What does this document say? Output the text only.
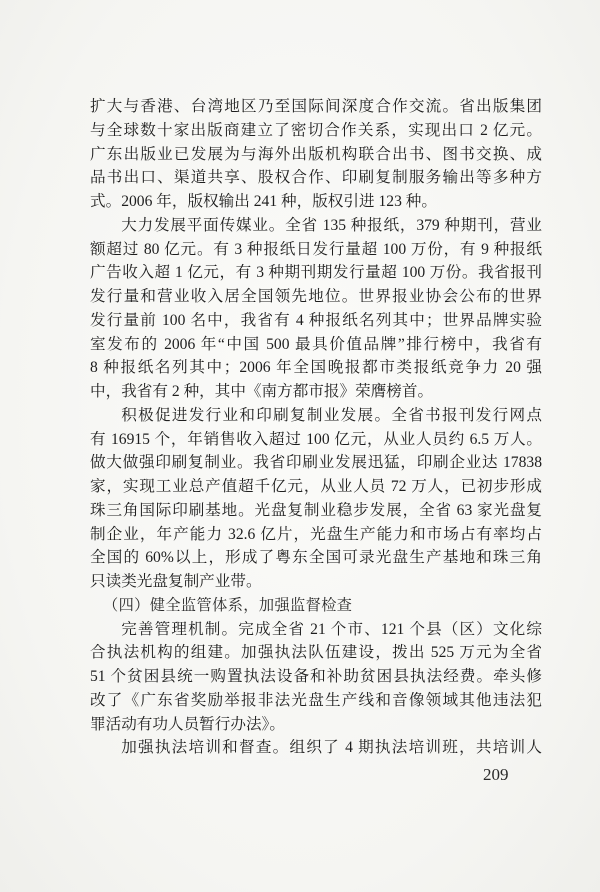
扩大与香港、台湾地区乃至国际间深度合作交流。省出版集团
与全球数十家出版商建立了密切合作关系，实现出口 2 亿元。
广东出版业已发展为与海外出版机构联合出书、图书交换、成
品书出口、渠道共享、股权合作、印刷复制服务输出等多种方
式。2006 年，版权输出 241 种，版权引进 123 种。
大力发展平面传媒业。全省 135 种报纸，379 种期刊，营业
额超过 80 亿元。有 3 种报纸日发行量超 100 万份，有 9 种报纸
广告收入超 1 亿元，有 3 种期刊期发行量超 100 万份。我省报刊
发行量和营业收入居全国领先地位。世界报业协会公布的世界
发行量前 100 名中，我省有 4 种报纸名列其中；世界品牌实验
室发布的 2006 年“中国 500 最具价值品牌”排行榜中，我省有
8 种报纸名列其中；2006 年全国晚报都市类报纸竞争力 20 强
中，我省有 2 种，其中《南方都市报》荣膺榜首。
积极促进发行业和印刷复制业发展。全省书报刊发行网点
有 16915 个，年销售收入超过 100 亿元，从业人员约 6.5 万人。
做大做强印刷复制业。我省印刷业发展迅猛，印刷企业达 17838
家，实现工业总产值超千亿元，从业人员 72 万人，已初步形成
珠三角国际印刷基地。光盘复制业稳步发展，全省 63 家光盘复
制企业，年产能力 32.6 亿片，光盘生产能力和市场占有率均占
全国的 60%以上，形成了粤东全国可录光盘生产基地和珠三角
只读类光盘复制产业带。
（四）健全监管体系，加强监督检查
完善管理机制。完成全省 21 个市、121 个县（区）文化综
合执法机构的组建。加强执法队伍建设，拨出 525 万元为全省
51 个贫困县统一购置执法设备和补助贫困县执法经费。牵头修
改了《广东省奖励举报非法光盘生产线和音像领域其他违法犯
罪活动有功人员暂行办法》。
加强执法培训和督查。组织了 4 期执法培训班，共培训人
209
